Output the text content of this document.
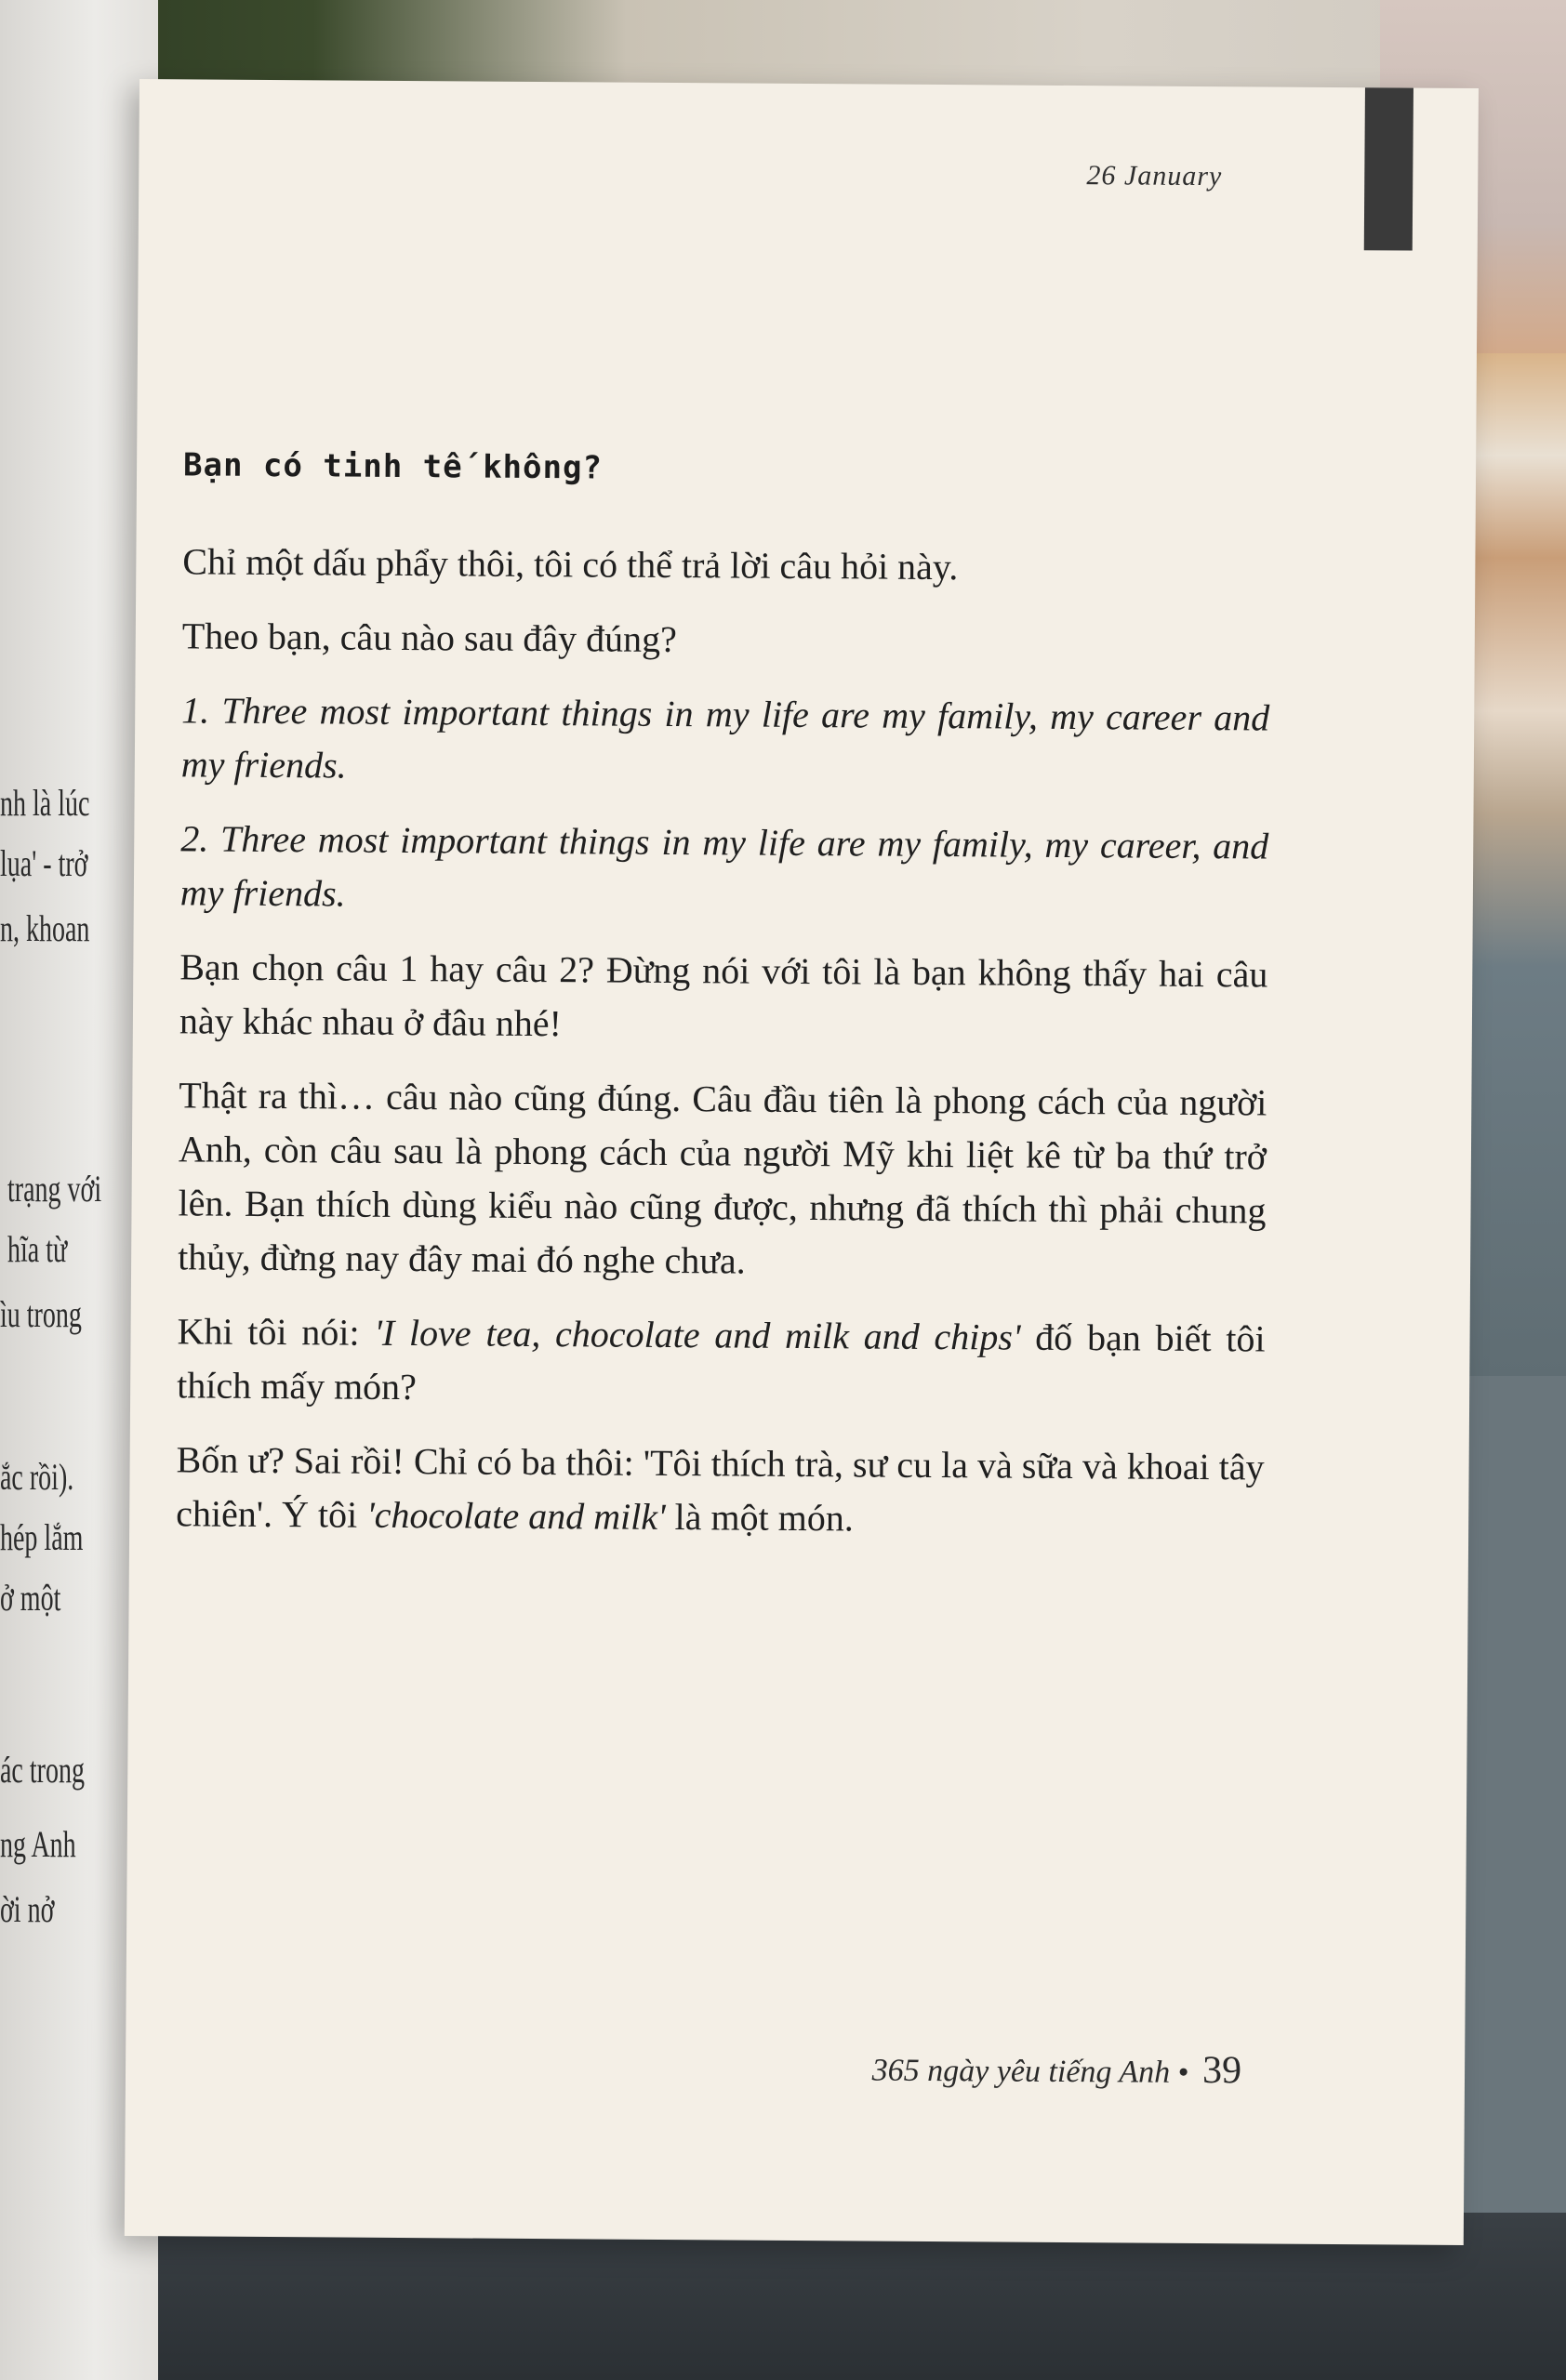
nh là lúc
lụa' - trở
n, khoan
trạng với
hĩa từ
ìu trong
ắc rồi).
hép lắm
ở một
ác trong
ng Anh
ời nở
26 January
Bạn có tinh tế không?

Chỉ một dấu phẩy thôi, tôi có thể trả lời câu hỏi này.

Theo bạn, câu nào sau đây đúng?

1. Three most important things in my life are my family, my career and my friends.

2. Three most important things in my life are my family, my career, and my friends.

Bạn chọn câu 1 hay câu 2? Đừng nói với tôi là bạn không thấy hai câu này khác nhau ở đâu nhé!

Thật ra thì… câu nào cũng đúng. Câu đầu tiên là phong cách của người Anh, còn câu sau là phong cách của người Mỹ khi liệt kê từ ba thứ trở lên. Bạn thích dùng kiểu nào cũng được, nhưng đã thích thì phải chung thủy, đừng nay đây mai đó nghe chưa.

Khi tôi nói: 'I love tea, chocolate and milk and chips' đố bạn biết tôi thích mấy món?

Bốn ư? Sai rồi! Chỉ có ba thôi: 'Tôi thích trà, sư cu la và sữa và khoai tây chiên'. Ý tôi 'chocolate and milk' là một món.

365 ngày yêu tiếng Anh • 39
